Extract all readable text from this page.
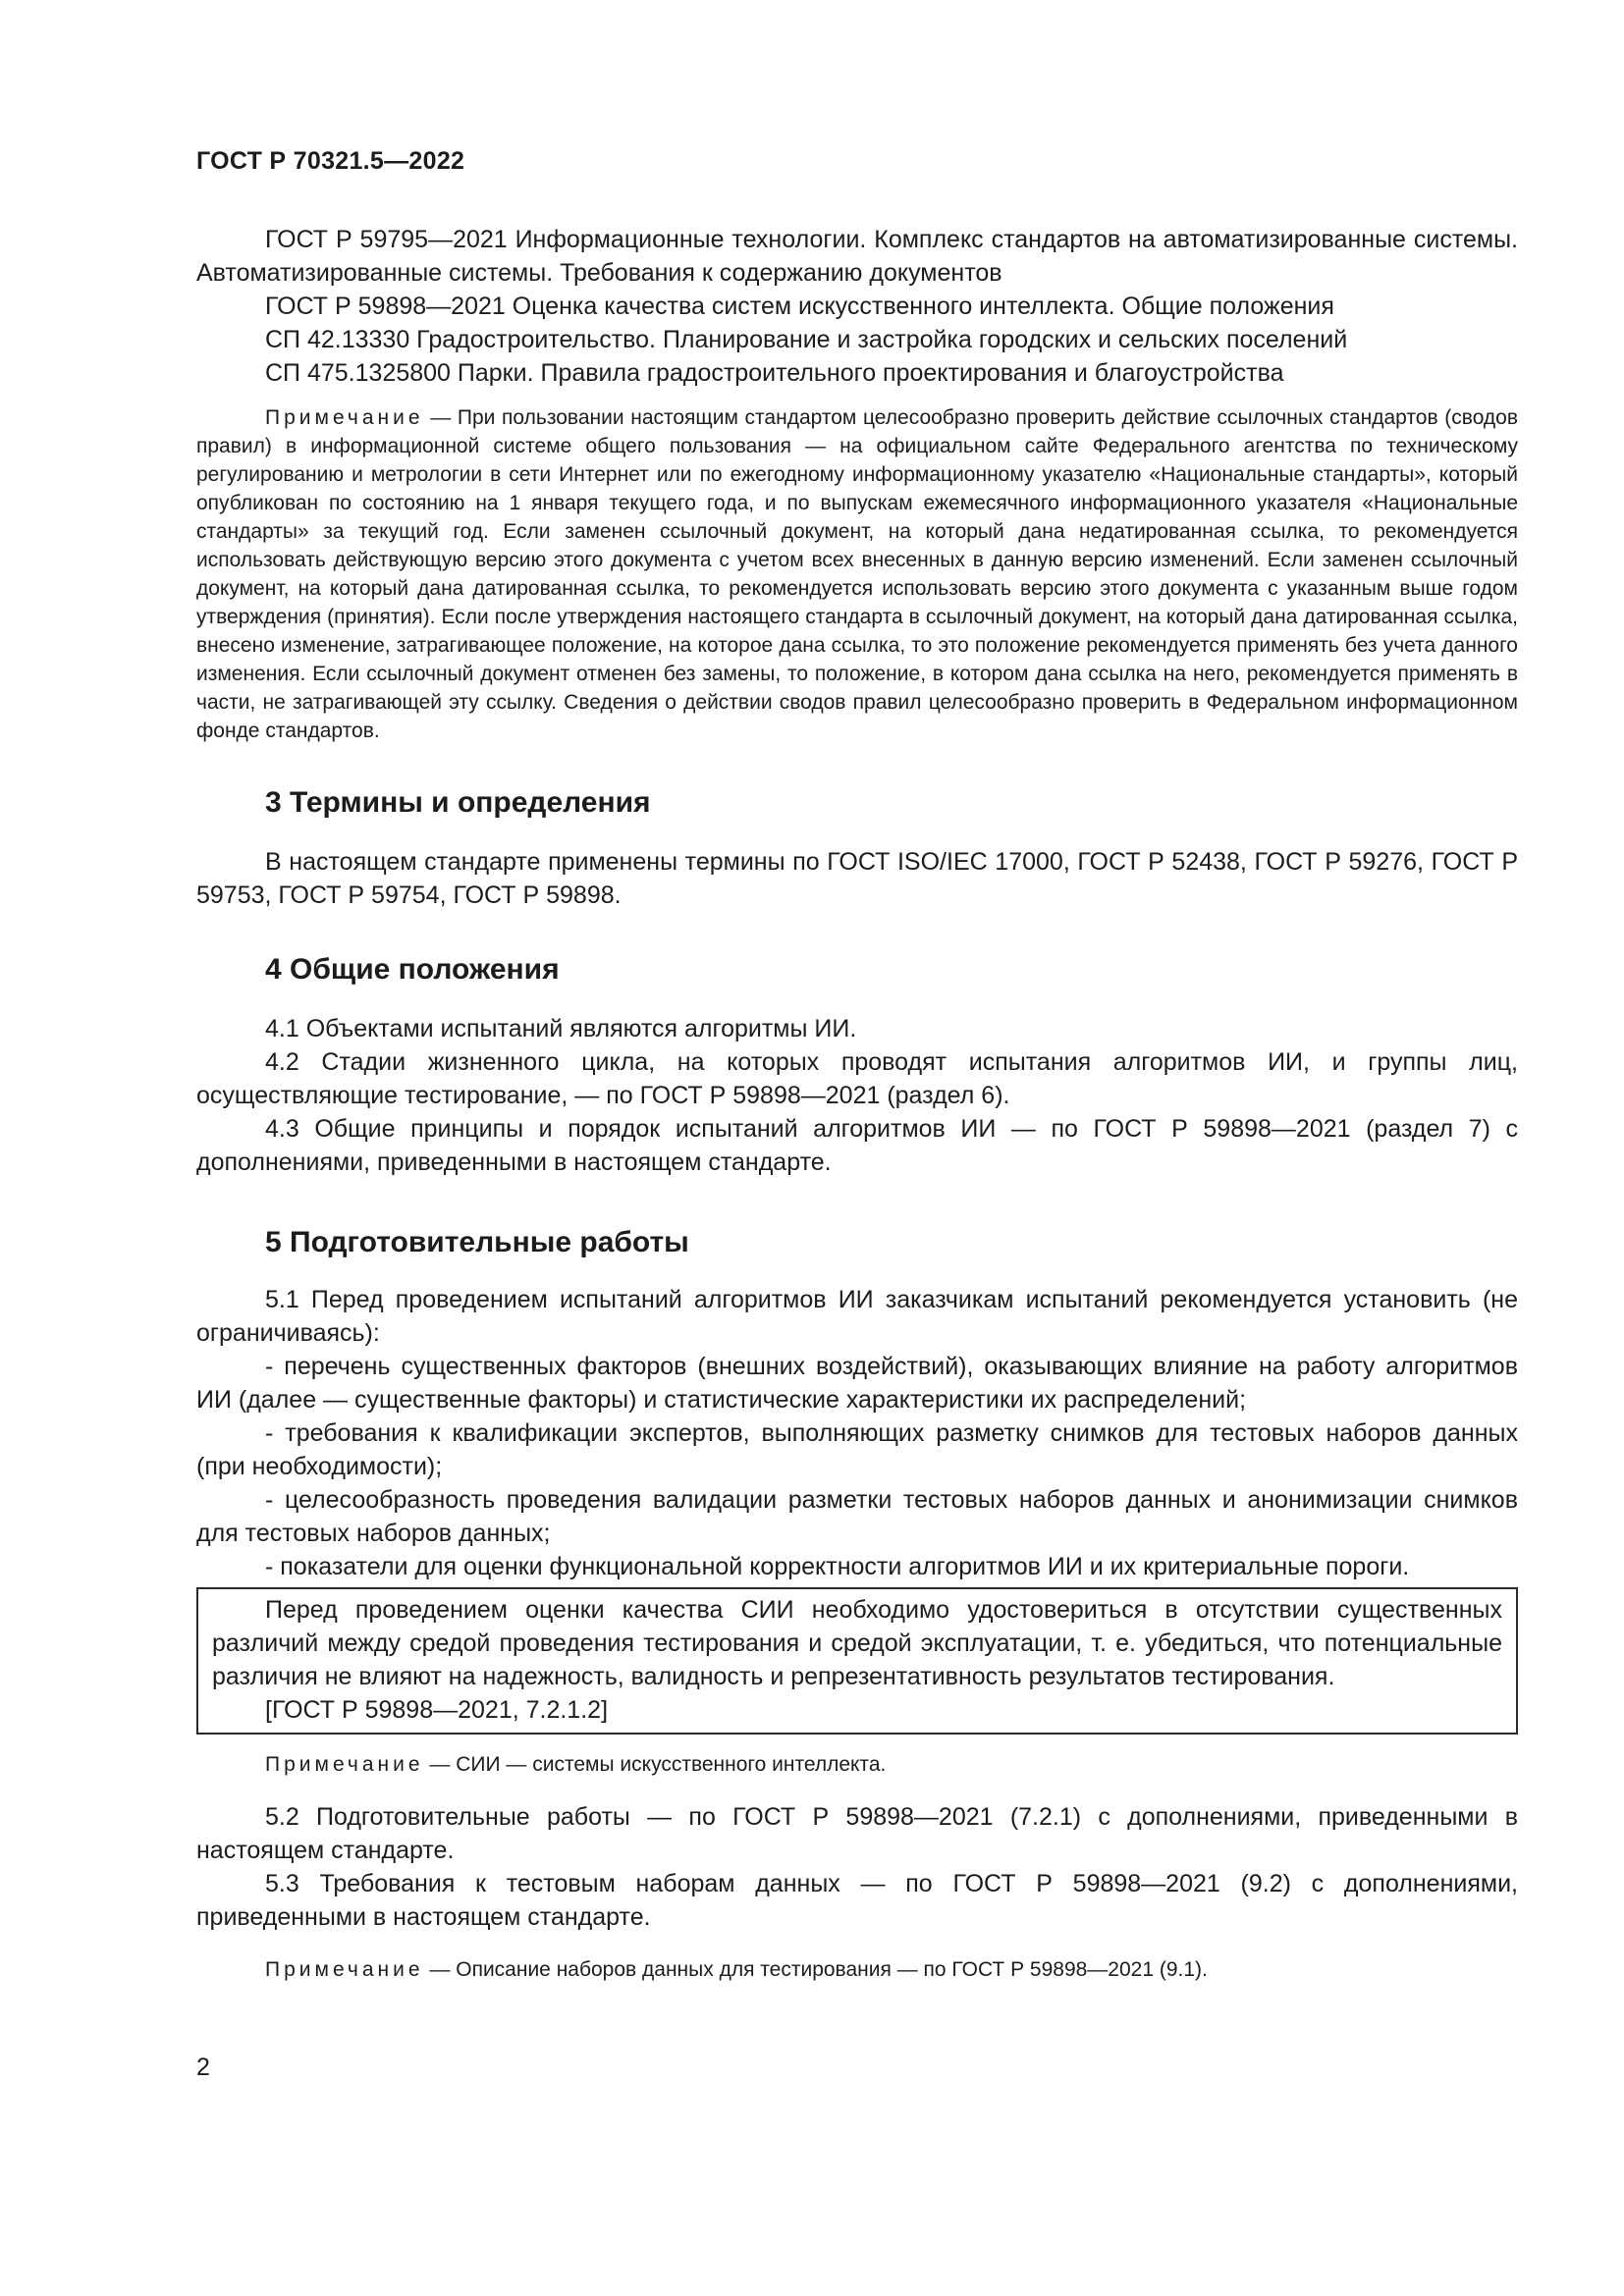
ГОСТ Р 70321.5—2022

ГОСТ Р 59795—2021 Информационные технологии. Комплекс стандартов на автоматизированные системы. Автоматизированные системы. Требования к содержанию документов

ГОСТ Р 59898—2021 Оценка качества систем искусственного интеллекта. Общие положения

СП 42.13330 Градостроительство. Планирование и застройка городских и сельских поселений

СП 475.1325800 Парки. Правила градостроительного проектирования и благоустройства

Примечание — При пользовании настоящим стандартом целесообразно проверить действие ссылочных стандартов (сводов правил) в информационной системе общего пользования — на официальном сайте Федерального агентства по техническому регулированию и метрологии в сети Интернет или по ежегодному информационному указателю «Национальные стандарты», который опубликован по состоянию на 1 января текущего года, и по выпускам ежемесячного информационного указателя «Национальные стандарты» за текущий год. Если заменен ссылочный документ, на который дана недатированная ссылка, то рекомендуется использовать действующую версию этого документа с учетом всех внесенных в данную версию изменений. Если заменен ссылочный документ, на который дана датированная ссылка, то рекомендуется использовать версию этого документа с указанным выше годом утверждения (принятия). Если после утверждения настоящего стандарта в ссылочный документ, на который дана датированная ссылка, внесено изменение, затрагивающее положение, на которое дана ссылка, то это положение рекомендуется применять без учета данного изменения. Если ссылочный документ отменен без замены, то положение, в котором дана ссылка на него, рекомендуется применять в части, не затрагивающей эту ссылку. Сведения о действии сводов правил целесообразно проверить в Федеральном информационном фонде стандартов.

3 Термины и определения

В настоящем стандарте применены термины по ГОСТ ISO/IEC 17000, ГОСТ Р 52438, ГОСТ Р 59276, ГОСТ Р 59753, ГОСТ Р 59754, ГОСТ Р 59898.

4 Общие положения

4.1 Объектами испытаний являются алгоритмы ИИ.

4.2 Стадии жизненного цикла, на которых проводят испытания алгоритмов ИИ, и группы лиц, осуществляющие тестирование, — по ГОСТ Р 59898—2021 (раздел 6).

4.3 Общие принципы и порядок испытаний алгоритмов ИИ — по ГОСТ Р 59898—2021 (раздел 7) с дополнениями, приведенными в настоящем стандарте.

5 Подготовительные работы

5.1 Перед проведением испытаний алгоритмов ИИ заказчикам испытаний рекомендуется установить (не ограничиваясь):

- перечень существенных факторов (внешних воздействий), оказывающих влияние на работу алгоритмов ИИ (далее — существенные факторы) и статистические характеристики их распределений;

- требования к квалификации экспертов, выполняющих разметку снимков для тестовых наборов данных (при необходимости);

- целесообразность проведения валидации разметки тестовых наборов данных и анонимизации снимков для тестовых наборов данных;

- показатели для оценки функциональной корректности алгоритмов ИИ и их критериальные пороги.

Перед проведением оценки качества СИИ необходимо удостовериться в отсутствии существенных различий между средой проведения тестирования и средой эксплуатации, т. е. убедиться, что потенциальные различия не влияют на надежность, валидность и репрезентативность результатов тестирования.

[ГОСТ Р 59898—2021, 7.2.1.2]

Примечание — СИИ — системы искусственного интеллекта.

5.2 Подготовительные работы — по ГОСТ Р 59898—2021 (7.2.1) с дополнениями, приведенными в настоящем стандарте.

5.3 Требования к тестовым наборам данных — по ГОСТ Р 59898—2021 (9.2) с дополнениями, приведенными в настоящем стандарте.

Примечание — Описание наборов данных для тестирования — по ГОСТ Р 59898—2021 (9.1).

2
